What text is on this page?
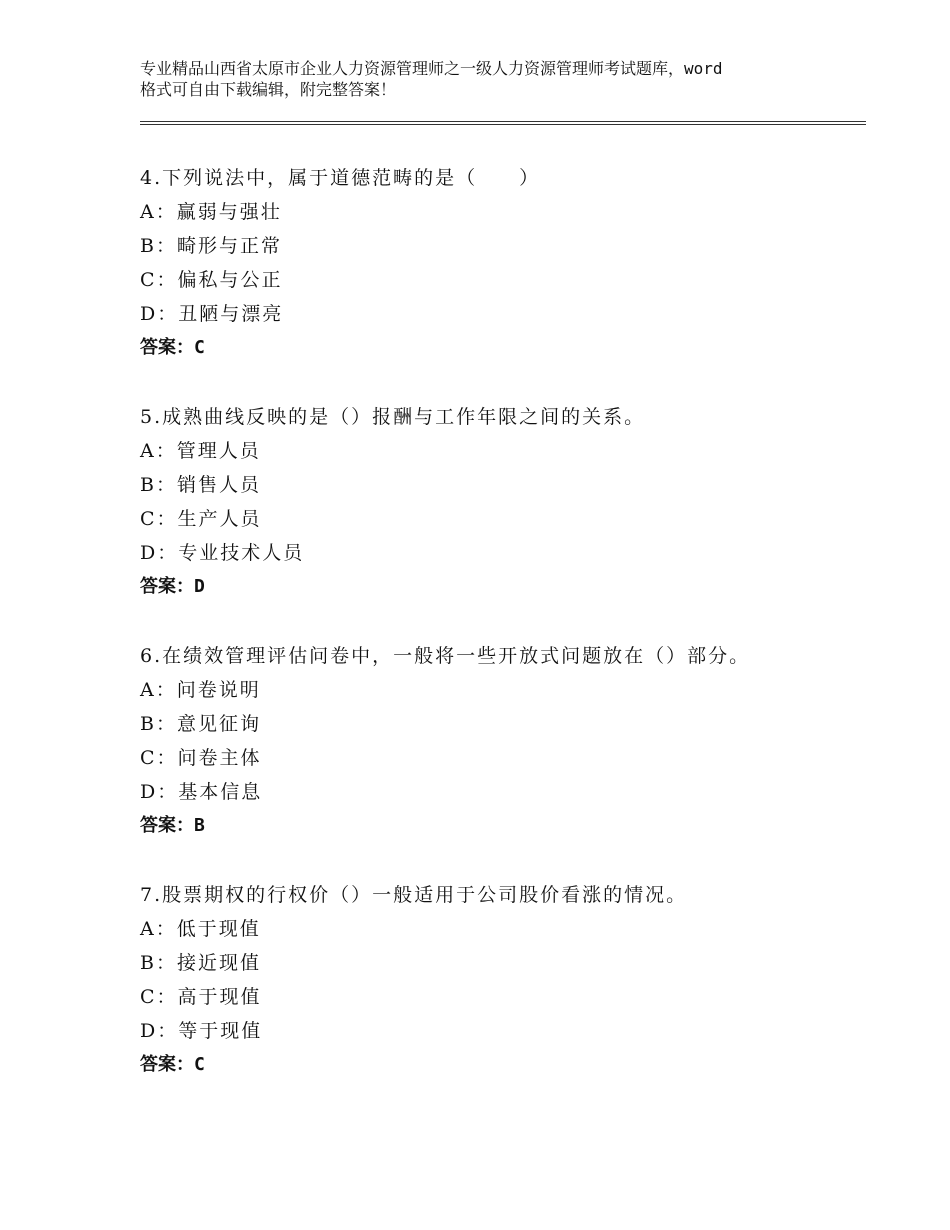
专业精品山西省太原市企业人力资源管理师之一级人力资源管理师考试题库，word
格式可自由下载编辑，附完整答案！
4.下列说法中，属于道德范畴的是（　　）
A：赢弱与强壮
B：畸形与正常
C：偏私与公正
D：丑陋与漂亮
答案：C
5.成熟曲线反映的是（）报酬与工作年限之间的关系。
A：管理人员
B：销售人员
C：生产人员
D：专业技术人员
答案：D
6.在绩效管理评估问卷中，一般将一些开放式问题放在（）部分。
A：问卷说明
B：意见征询
C：问卷主体
D：基本信息
答案：B
7.股票期权的行权价（）一般适用于公司股价看涨的情况。
A：低于现值
B：接近现值
C：高于现值
D：等于现值
答案：C
